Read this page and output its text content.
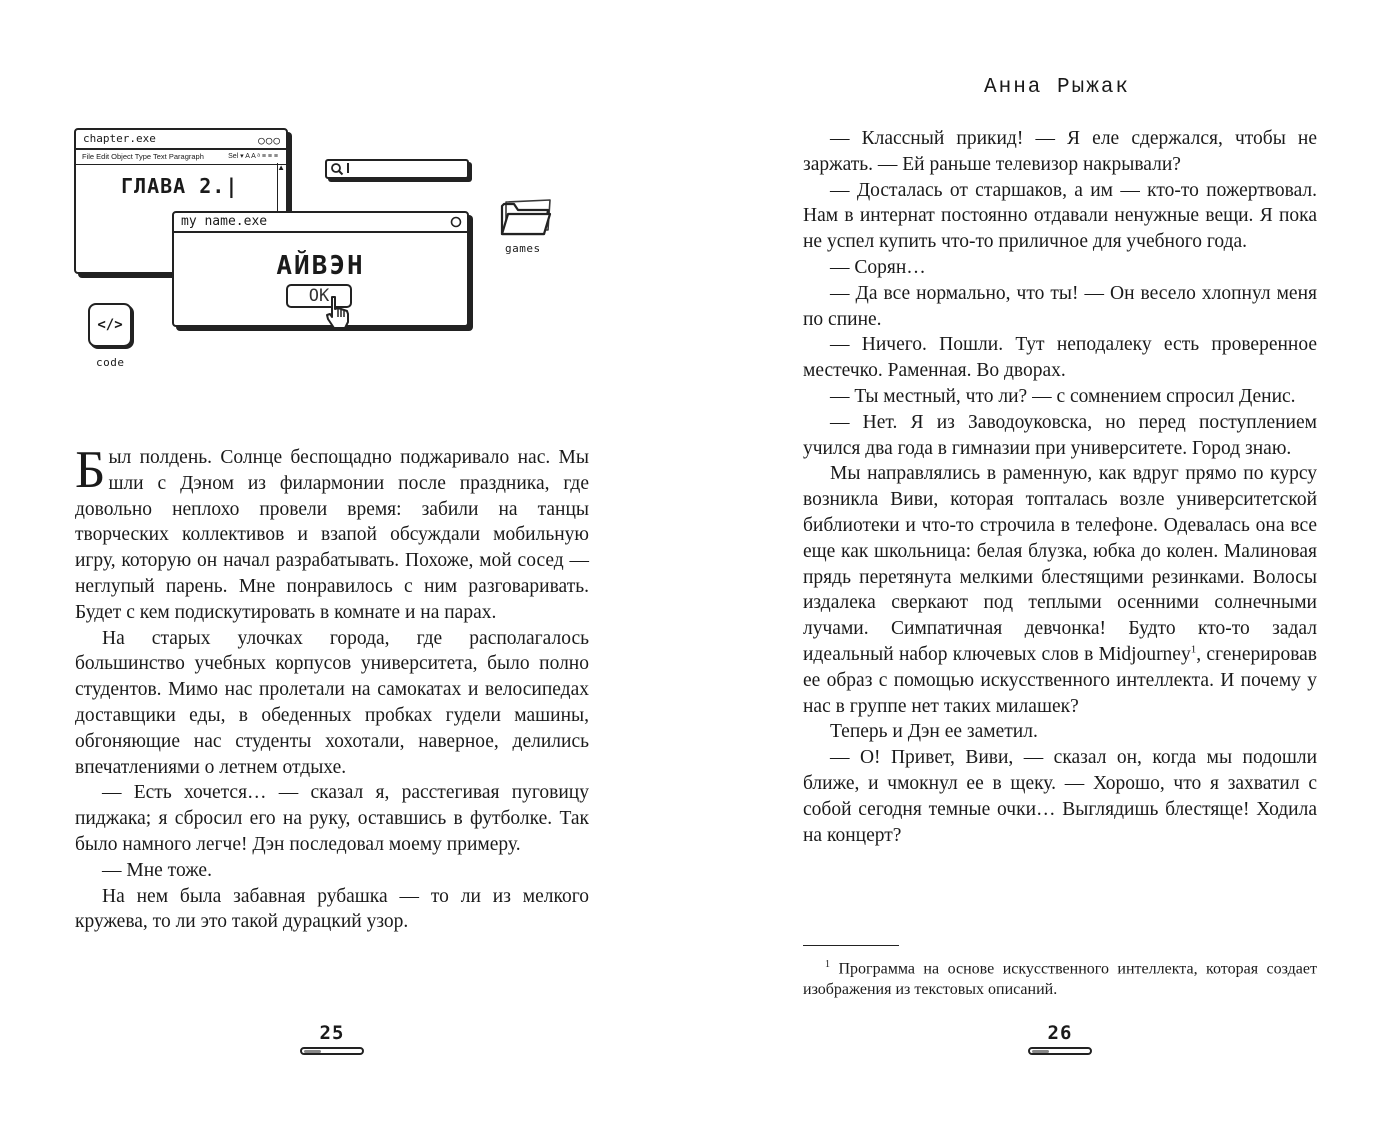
chapter.exe	○○○
File Edit Object Type Text Paragraph	Sel ▾ A A ᵃ ≡ ≡ ≡
ГЛАВА 2.|
▲
games
my name.exe
АЙВЭН
OK
</>
code

Был полдень. Солнце беспощадно поджаривало нас. Мы шли с Дэном из филармонии после праздника, где довольно неплохо провели время: забили на танцы творческих коллективов и взапой обсуждали мобильную игру, которую он начал разрабатывать. Похоже, мой сосед — неглупый парень. Мне понравилось с ним разговаривать. Будет с кем подискутировать в комнате и на парах.

На старых улочках города, где располагалось большинство учебных корпусов университета, было полно студентов. Мимо нас пролетали на самокатах и велосипедах доставщики еды, в обеденных пробках гудели машины, обгоняющие нас студенты хохотали, наверное, делились впечатлениями о летнем отдыхе.

— Есть хочется… — сказал я, расстегивая пуговицу пиджака; я сбросил его на руку, оставшись в футболке. Так было намного легче! Дэн последовал моему примеру.

— Мне тоже.

На нем была забавная рубашка — то ли из мелкого кружева, то ли это такой дурацкий узор.

25
Анна Рыжак

— Классный прикид! — Я еле сдержался, чтобы не заржать. — Ей раньше телевизор накрывали?

— Досталась от старшаков, а им — кто-то пожертвовал. Нам в интернат постоянно отдавали ненужные вещи. Я пока не успел купить что-то приличное для учебного года.

— Сорян…

— Да все нормально, что ты! — Он весело хлопнул меня по спине.

— Ничего. Пошли. Тут неподалеку есть проверенное местечко. Раменная. Во дворах.

— Ты местный, что ли? — с сомнением спросил Денис.

— Нет. Я из Заводоуковска, но перед поступлением учился два года в гимназии при университете. Город знаю.

Мы направлялись в раменную, как вдруг прямо по курсу возникла Виви, которая топталась возле университетской библиотеки и что-то строчила в телефоне. Одевалась она все еще как школьница: белая блузка, юбка до колен. Малиновая прядь перетянута мелкими блестящими резинками. Волосы издалека сверкают под теплыми осенними солнечными лучами. Симпатичная девчонка! Будто кто-то задал идеальный набор ключевых слов в Midjourney$^1$, сгенерировав ее образ с помощью искусственного интеллекта. И почему у нас в группе нет таких милашек?

Теперь и Дэн ее заметил.

— О! Привет, Виви, — сказал он, когда мы подошли ближе, и чмокнул ее в щеку. — Хорошо, что я захватил с собой сегодня темные очки… Выглядишь блестяще! Ходила на концерт?

$^1$ Программа на основе искусственного интеллекта, которая создает изображения из текстовых описаний.
26
